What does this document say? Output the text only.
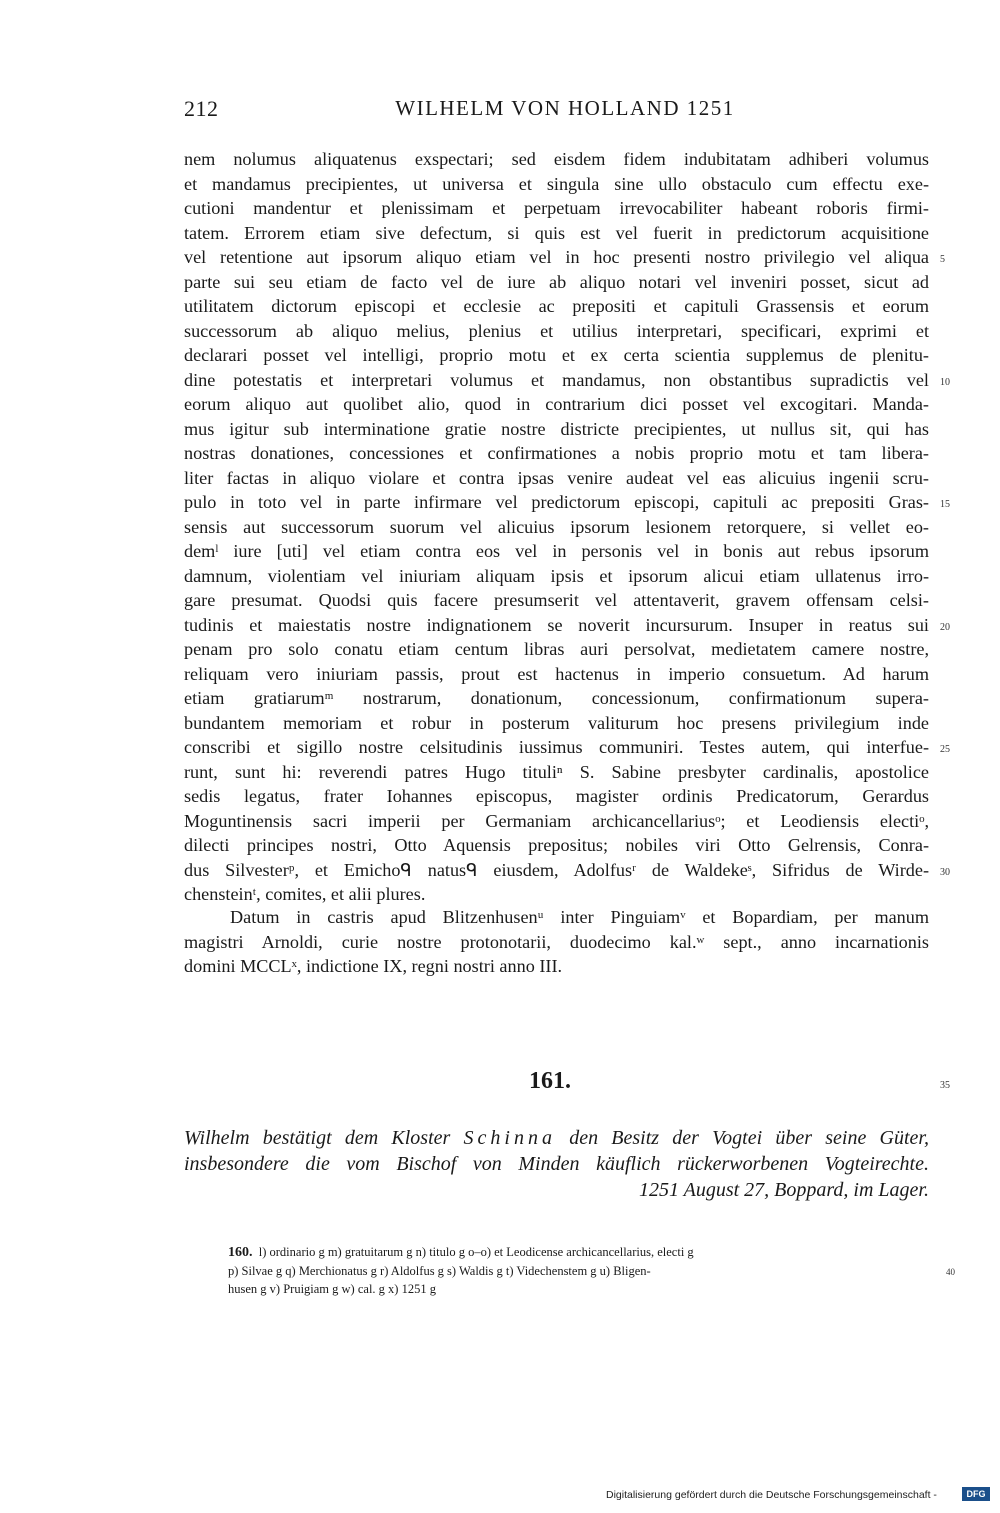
212	WILHELM VON HOLLAND 1251
nem nolumus aliquatenus exspectari; sed eisdem fidem indubitatam adhiberi volumus
et mandamus precipientes, ut universa et singula sine ullo obstaculo cum effectu exe-
cutioni mandentur et plenissimam et perpetuam irrevocabiliter habeant roboris firmi-
tatem. Errorem etiam sive defectum, si quis est vel fuerit in predictorum acquisitione
vel retentione aut ipsorum aliquo etiam vel in hoc presenti nostro privilegio vel aliqua 5
parte sui seu etiam de facto vel de iure ab aliquo notari vel inveniri posset, sicut ad
utilitatem dictorum episcopi et ecclesie ac prepositi et capituli Grassensis et eorum
successorum ab aliquo melius, plenius et utilius interpretari, specificari, exprimi et
declarari posset vel intelligi, proprio motu et ex certa scientia supplemus de plenitu-
dine potestatis et interpretari volumus et mandamus, non obstantibus supradictis vel 10
eorum aliquo aut quolibet alio, quod in contrarium dici posset vel excogitari. Manda-
mus igitur sub interminatione gratie nostre districte precipientes, ut nullus sit, qui has
nostras donationes, concessiones et confirmationes a nobis proprio motu et tam libera-
liter factas in aliquo violare et contra ipsas venire audeat vel eas alicuius ingenii scru-
pulo in toto vel in parte infirmare vel predictorum episcopi, capituli ac prepositi Gras- 15
sensis aut successorum suorum vel alicuius ipsorum lesionem retorquere, si vellet eo-
demˡ iure [uti] vel etiam contra eos vel in personis vel in bonis aut rebus ipsorum
damnum, violentiam vel iniuriam aliquam ipsis et ipsorum alicui etiam ullatenus irro-
gare presumat. Quodsi quis facere presumserit vel attentaverit, gravem offensam celsi-
tudinis et maiestatis nostre indignationem se noverit incursurum. Insuper in reatus sui 20
penam pro solo conatu etiam centum libras auri persolvat, medietatem camere nostre,
reliquam vero iniuriam passis, prout est hactenus in imperio consuetum. Ad harum
etiam gratiarumᵐ nostrarum, donationum, concessionum, confirmationum supera-
bundantem memoriam et robur in posterum valiturum hoc presens privilegium inde
conscribi et sigillo nostre celsitudinis iussimus communiri. Testes autem, qui interfue- 25
runt, sunt hi: reverendi patres Hugo tituliⁿ S. Sabine presbyter cardinalis, apostolice
sedis legatus, frater Iohannes episcopus, magister ordinis Predicatorum, Gerardus
Moguntinensis sacri imperii per Germaniam archicancellariusᵒ; et Leodiensis electiᵒ,
dilecti principes nostri, Otto Aquensis prepositus; nobiles viri Otto Gelrensis, Conra-
dus Silvesterᵖ, et Emichoᑫ natusᑫ eiusdem, Adolfusʳ de Waldekeˢ, Sifridus de Wirde- 30
chensteinᵗ, comites, et alii plures.
Datum in castris apud Blitzenhusenᵘ inter Pinguiamᵛ et Bopardiam, per manum
magistri Arnoldi, curie nostre protonotarii, duodecimo kal.ʷ sept., anno incarnationis
domini MCCLˣ, indictione IX, regni nostri anno III.
161.	35
Wilhelm bestätigt dem Kloster Schinna den Besitz der Vogtei über seine Güter,
insbesondere die vom Bischof von Minden käuflich rückerworbenen Vogteirechte.
1251 August 27, Boppard, im Lager.
160. l) ordinario g m) gratuitarum g n) titulo g o–o) et Leodicense archicancellarius, electi g
p) Silvae g q) Merchionatus g r) Aldolfus g s) Waldis g t) Videchenstem g u) Bligen-	40
husen g v) Pruigiam g w) cal. g x) 1251 g
Digitalisierung gefördert durch die Deutsche Forschungsgemeinschaft -	DFG
